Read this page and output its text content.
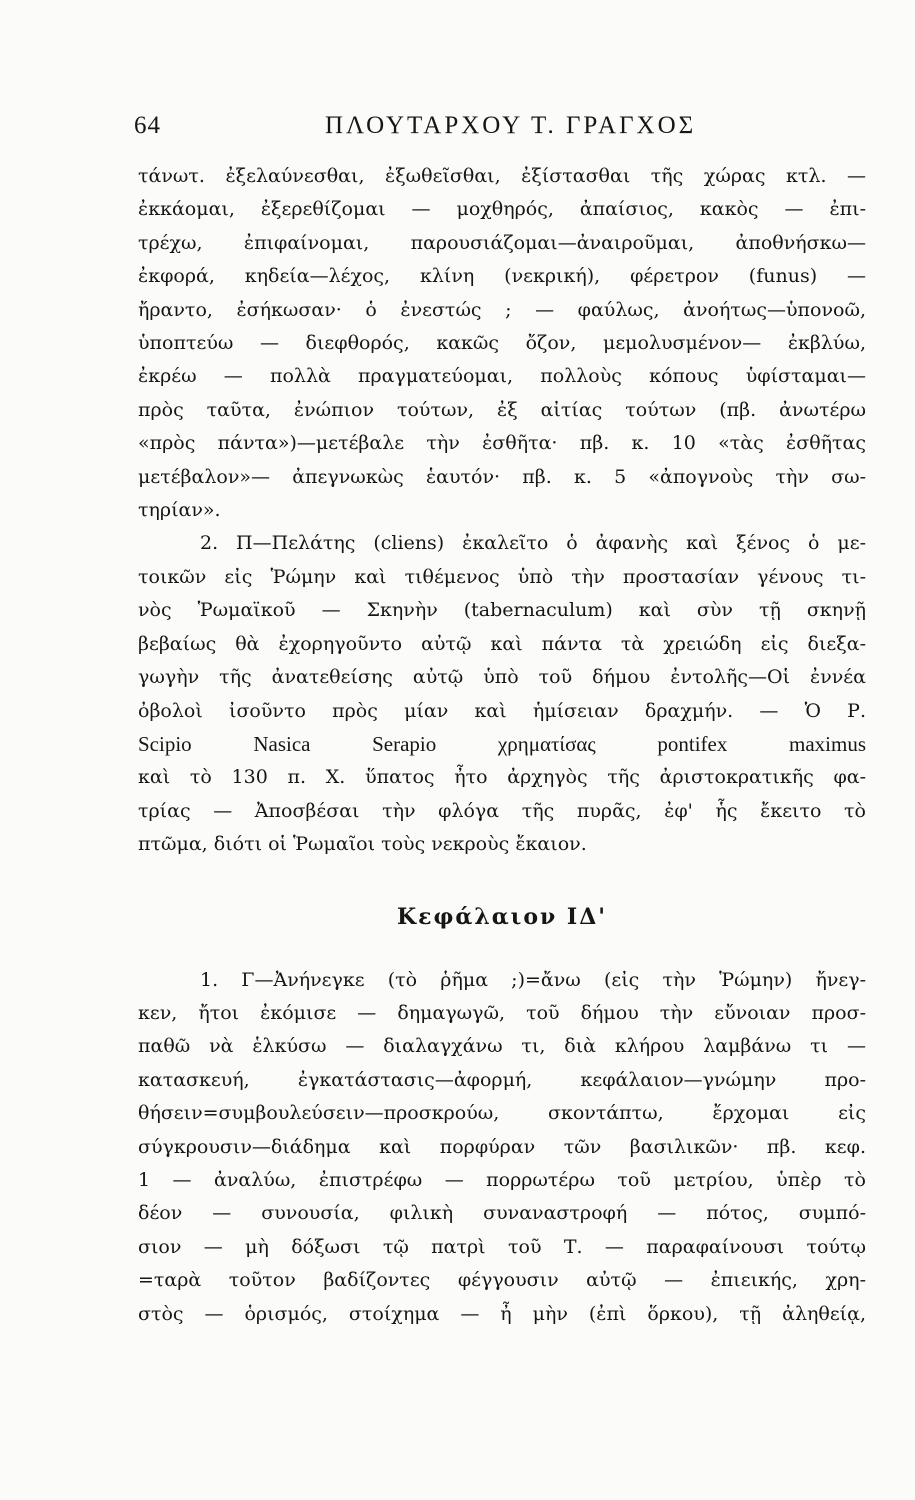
64	ΠΛΟΥΤΑΡΧΟΥ Τ. ΓΡΑΓΧΟΣ

τάνωτ. ἐξελαύνεσθαι, ἐξωθεῖσθαι, ἐξίστασθαι τῆς χώρας κτλ. —
ἐκκάομαι, ἐξερεθίζομαι — μοχθηρός, ἀπαίσιος, κακὸς — ἐπι-
τρέχω, ἐπιφαίνομαι, παρουσιάζομαι—ἀναιροῦμαι, ἀποθνήσκω—
ἐκφορά, κηδεία—λέχος, κλίνη (νεκρική), φέρετρον (funus) —
ἤραντο, ἐσήκωσαν· ὁ ἐνεστώς ; — φαύλως, ἀνοήτως—ὑπονοῶ,
ὑποπτεύω — διεφθορός, κακῶς ὄζον, μεμολυσμένον— ἐκβλύω,
ἐκρέω — πολλὰ πραγματεύομαι, πολλοὺς κόπους ὑφίσταμαι—
πρὸς ταῦτα, ἐνώπιον τούτων, ἐξ αἰτίας τούτων (πβ. ἀνωτέρω
«πρὸς πάντα»)—μετέβαλε τὴν ἐσθῆτα· πβ. κ. 10 «τὰς ἐσθῆτας
μετέβαλον»— ἀπεγνωκὼς ἑαυτόν· πβ. κ. 5 «ἀπογνοὺς τὴν σω-
τηρίαν».

2. Π—Πελάτης (cliens) ἐκαλεῖτο ὁ ἀφανὴς καὶ ξένος ὁ με-
τοικῶν εἰς Ῥώμην καὶ τιθέμενος ὑπὸ τὴν προστασίαν γένους τι-
νὸς Ῥωμαϊκοῦ — Σκηνὴν (tabernaculum) καὶ σὺν τῇ σκηνῇ
βεβαίως θὰ ἐχορηγοῦντο αὐτῷ καὶ πάντα τὰ χρειώδη εἰς διεξα-
γωγὴν τῆς ἀνατεθείσης αὐτῷ ὑπὸ τοῦ δήμου ἐντολῆς—Οἱ ἐννέα
ὀβολοὶ ἰσοῦντο πρὸς μίαν καὶ ἡμίσειαν δραχμήν. — Ὁ Ρ.
Scipio Nasica Serapio χρηματίσας pontifex maximus
καὶ τὸ 130 π. Χ. ὕπατος ἦτο ἀρχηγὸς τῆς ἀριστοκρατικῆς φα-
τρίας — Ἀποσβέσαι τὴν φλόγα τῆς πυρᾶς, ἐφ' ἧς ἔκειτο τὸ
πτῶμα, διότι οἱ Ῥωμαῖοι τοὺς νεκροὺς ἔκαιον.

Κεφάλαιον ΙΔ'

1. Γ—Ἀνήνεγκε (τὸ ῥῆμα ;)=ἄνω (εἰς τὴν Ῥώμην) ἤνεγ-
κεν, ἤτοι ἐκόμισε — δημαγωγῶ, τοῦ δήμου τὴν εὔνοιαν προσ-
παθῶ νὰ ἑλκύσω — διαλαγχάνω τι, διὰ κλήρου λαμβάνω τι —
κατασκευή, ἐγκατάστασις—ἀφορμή, κεφάλαιον—γνώμην προ-
θήσειν=συμβουλεύσειν—προσκρούω, σκοντάπτω, ἔρχομαι εἰς
σύγκρουσιν—διάδημα καὶ πορφύραν τῶν βασιλικῶν· πβ. κεφ.
1 — ἀναλύω, ἐπιστρέφω — πορρωτέρω τοῦ μετρίου, ὑπὲρ τὸ
δέον — συνουσία, φιλικὴ συναναστροφή — πότος, συμπό-
σιον — μὴ δόξωσι τῷ πατρὶ τοῦ Τ. — παραφαίνουσι τούτῳ
=ταρὰ τοῦτον βαδίζοντες φέγγουσιν αὐτῷ — ἐπιεικής, χρη-
στὸς — ὁρισμός, στοίχημα — ἦ μὴν (ἐπὶ ὅρκου), τῇ ἀληθείᾳ,
